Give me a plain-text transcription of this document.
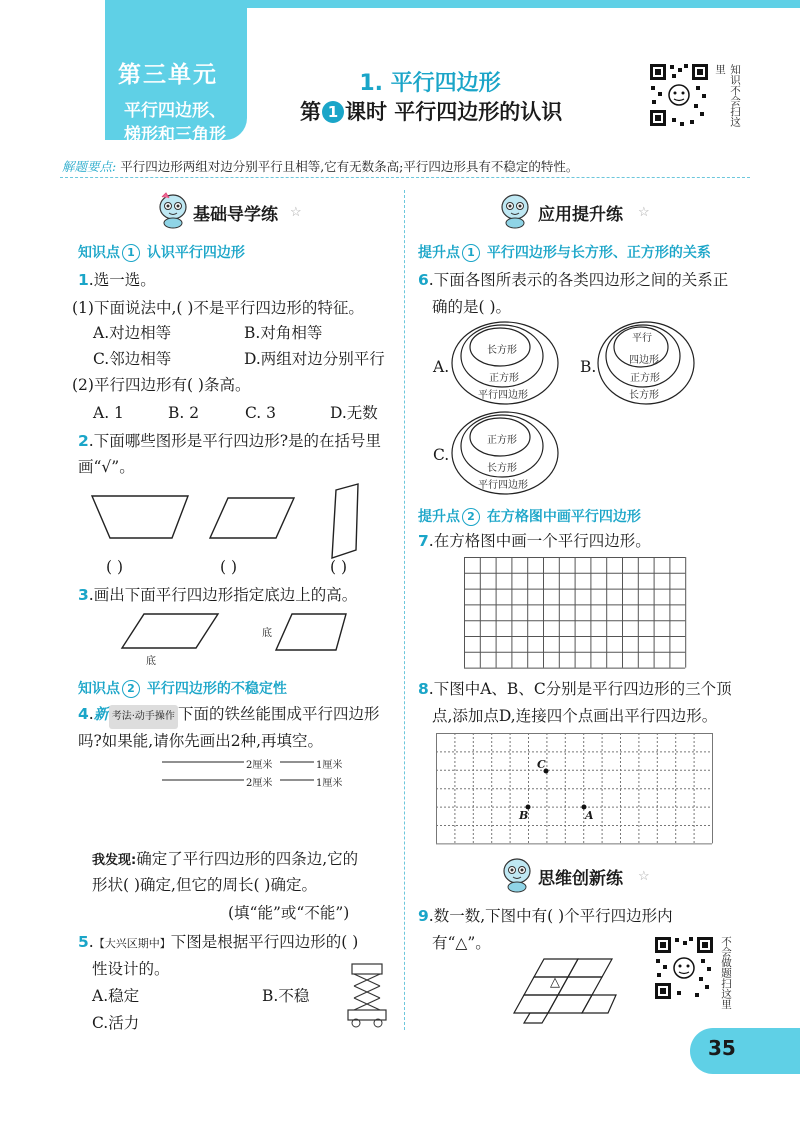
第三单元
平行四边形、
梯形和三角形
1. 平行四边形
第 1 课时 平行四边形的认识	知识不会扫这里
解题要点: 平行四边形两组对边分别平行且相等,它有无数条高;平行四边形具有不稳定的特性。
基础导学练 ☆
知识点 1 认识平行四边形
1.选一选。
(1)下面说法中,( )不是平行四边形的特征。
A.对边相等	B.对角相等
C.邻边相等	D.两组对边分别平行
(2)平行四边形有( )条高。
A. 1	B. 2	C. 3	D.无数
2.下面哪些图形是平行四边形?是的在括号里
画“√”。
( )	( )	( )
3.画出下面平行四边形指定底边上的高。
底
底
知识点 2 平行四边形的不稳定性
4.新 考法·动手操作 下面的铁丝能围成平行四边形
吗?如果能,请你先画出2种,再填空。
2厘米	1厘米
2厘米	1厘米
我发现:确定了平行四边形的四条边,它的
形状( )确定,但它的周长( )确定。
(填“能”或“不能”)
5.【大兴区期中】下图是根据平行四边形的( )
性设计的。
A.稳定	B.不稳
C.活力
应用提升练 ☆
提升点 1 平行四边形与长方形、正方形的关系
6.下面各图所表示的各类四边形之间的关系正
确的是( )。
A.
长方形
正方形
平行四边形
B.
平行
四边形
正方形
长方形
C.
正方形
长方形
平行四边形
提升点 2 在方格图中画平行四边形
7.在方格图中画一个平行四边形。
8.下图中A、B、C分别是平行四边形的三个顶
点,添加点D,连接四个点画出平行四边形。
C
B	A
思维创新练 ☆
9.数一数,下图中有( )个平行四边形内
有“△”。
△	不会做题扫这里
35
